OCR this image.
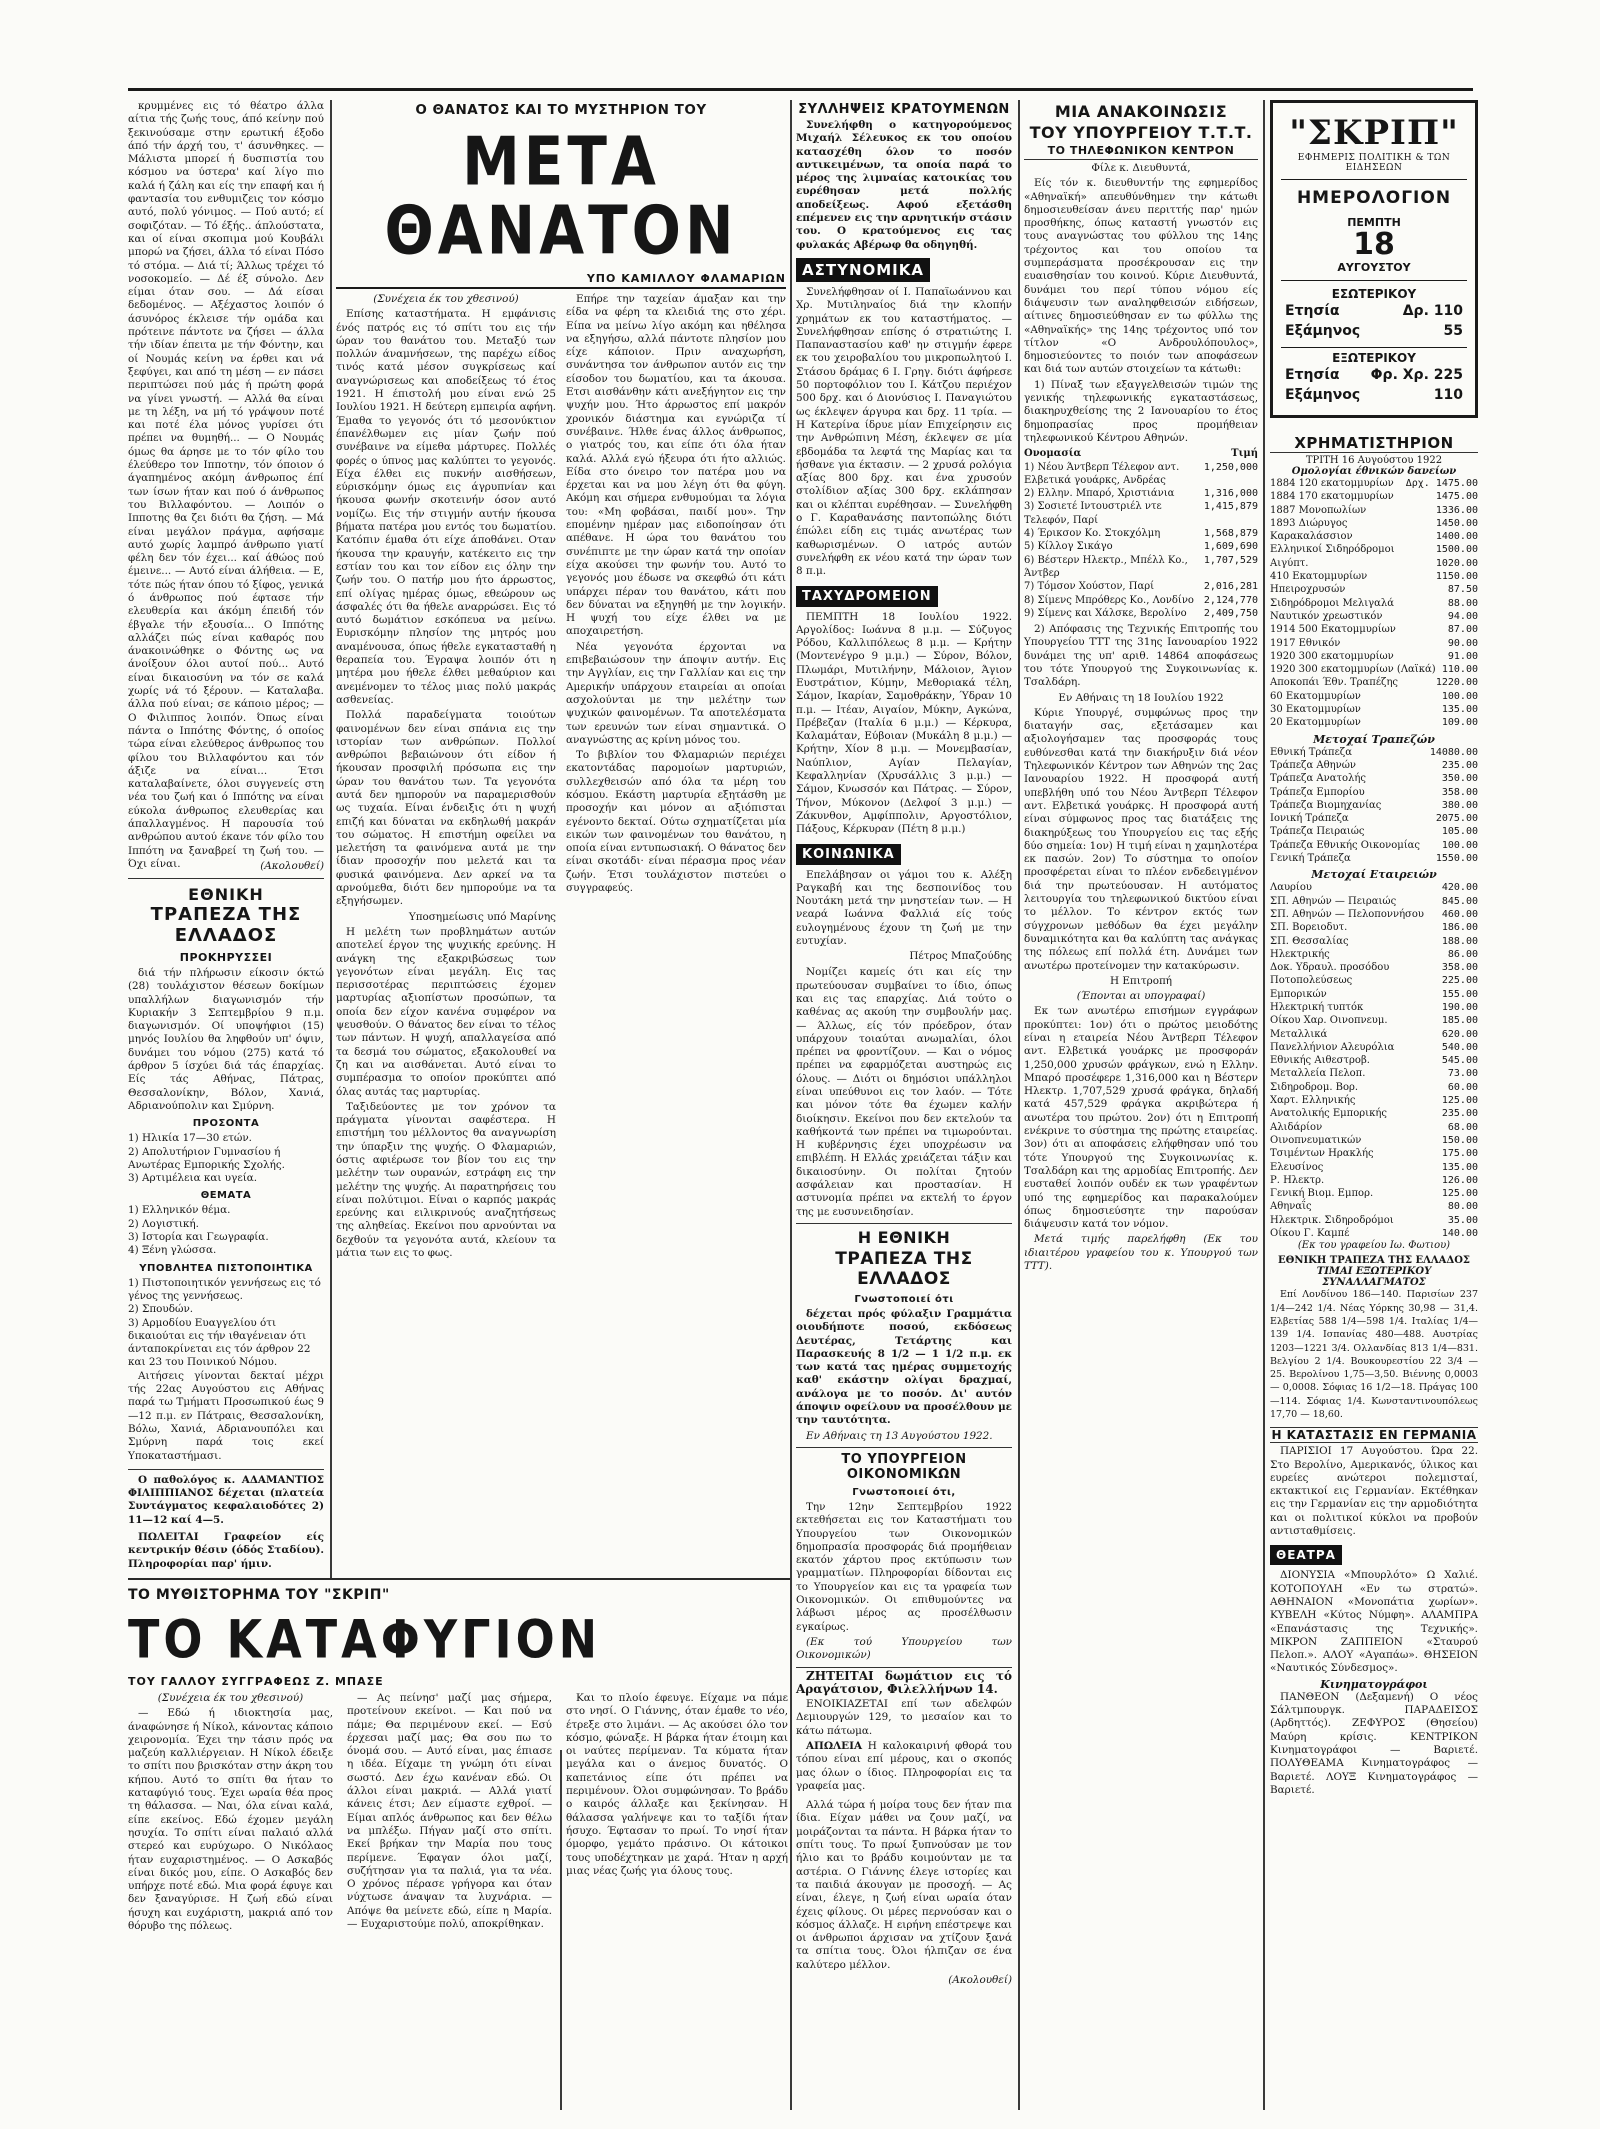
κρυμμένες εις τό θέατρο άλλα αίτια τής ζωής τους, άπό κείνην πού ξεκινούσαμε στην ερωτική έξοδο άπό τήν άρχή του, τ' άσυνθηκες. — Μάλιστα μπορεί ή δυσπιστία του κόσμου να ύστερα' καί λίγο πιο καλά ή ζάλη και είς την επαφή και ή φαντασία του ενθυμιζεις τον κόσμο αυτό, πολύ γόνιμος. — Πού αυτό; εί σοφιζόταν. — Τό έξής.. άπλούστατα, και οί είναι σκοπιμα μού Κουβάλι μπορώ να ζήσει, άλλα τό είναι Πόσο τό στόμα. — Διά τί; Άλλως τρέχει τό νοσοκομείο. — Δέ έξ σύνολο. Δεν είμαι όταν σου. — Δά είσαι δεδομένος. — Αξέχαστος λοιπόν ό άσυνόρος έκλεισε τήν ομάδα και πρότεινε πάντοτε να ζήσει — άλλα τήν ιδίαν έπειτα με τήν Φόντην, και οί Νουμάς κείνη να έρθει και νά ξεφύγει, και από τη μέση — εν πάσει περιπτώσει πού μάς ή πρώτη φορά να γίνει γνωστή. — Αλλά θα είναι με τη λέξη, να μή τό γράψουν ποτέ και ποτέ έλα μόνος γυρίσει ότι πρέπει να θυμηθή... — Ο Νουμάς όμως θα άρησε με το τόν φίλο του έλεύθερο τον Ιπποτην, τόν όποιον ό άγαπημένος ακόμη άνθρωπος έπί των ίσων ήταν και πού ό άνθρωπος του Βιλλαφόντου. — Λοιπόν ο Ιπποτης θα ζει διότι θα ζήση. — Μά είναι μεγάλον πράγμα, αφήσαμε αυτό χωρίς λαμπρό άνθρωπο γιατί φέλη δεν τόν έχει... καί άθώος πού έμεινε... — Αυτό είναι άλήθεια. — Ε, τότε πώς ήταν όπου τό ξίφος, γενικά ό άνθρωπος πού έφτασε τήν ελευθερία και άκόμη έπειδή τόν έβγαλε τήν εξουσία... Ο Ιππότης αλλάζει πώς είναι καθαρός που άνακοινώθηκε ο Φόντης ως να άνοίξουν όλοι αυτοί πού... Αυτό είναι δικαιοσύνη να τόν σε καλά χωρίς νά τό ξέρουν. — Καταλαβα. άλλα πού είναι; σε κάποιο μέρος; — Ο Φιλιππος λοιπόν. Όπως είναι πάντα ο Ιππότης Φόντης, ό οποίος τώρα είναι ελεύθερος άνθρωπος του φίλου του Βιλλαφόντου και τόν άξιζε να είναι... Έτσι καταλαβαίνετε, όλοι συγγενείς στη νέα του ζωή και ό Ιππότης να είναι εύκολα άνθρωπος ελευθερίας και άπαλλαγμένος. Η παρουσία τού ανθρώπου αυτού έκανε τόν φίλο του Ιππότη να ξαναβρεί τη ζωή του. — Όχι είναι.	(Ακολουθεί)
ΕΘΝΙΚΗ
ΤΡΑΠΕΖΑ ΤΗΣ ΕΛΛΑΔΟΣ
ΠΡΟΚΗΡΥΣΣΕΙ

διά τήν πλήρωσιν είκοσιν όκτώ (28) τουλάχιστον θέσεων δοκίμων υπαλλήλων διαγωνισμόν τήν Κυριακήν 3 Σεπτεμβρίου 9 π.μ. διαγωνισμόν. Οί υποψήφιοι (15) μηνός Ιουλίου θα ληφθούν υπ' όψιν, δυνάμει του νόμου (275) κατά τό άρθρον 5 ίσχύει διά τάς έπαρχίας. Είς τάς Αθήνας, Πάτρας, Θεσσαλονίκην, Βόλον, Χανιά, Αδριανούπολιν και Σμύρνη.

ΠΡΟΣΟΝΤΑ
1) Ηλικία 17—30 ετών.
2) Απολυτήριον Γυμνασίου ή Ανωτέρας Εμπορικής Σχολής.
3) Αρτιμέλεια και υγεία.
ΘΕΜΑΤΑ
1) Ελληνικόν θέμα.
2) Λογιστική.
3) Ιστορία και Γεωγραφία.
4) Ξένη γλώσσα.
ΥΠΟΒΛΗΤΕΑ ΠΙΣΤΟΠΟΙΗΤΙΚΑ
1) Πιστοποιητικόν γεννήσεως εις τό γένος της γεννήσεως.
2) Σπουδών.
3) Αρμοδίου Ευαγγελίου ότι δικαιούται εις τήν ιθαγένειαν ότι άνταποκρίνεται εις τόν άρθρον 22 και 23 του Ποινικού Νόμου.

Αιτήσεις γίνονται δεκταί μέχρι τής 22ας Αυγούστου εις Αθήνας παρά τω Τμήματι Προσωπικού έως 9—12 π.μ. εν Πάτραις, Θεσσαλονίκη, Βόλω, Χανιά, Αδριανουπόλει και Σμύρνη παρά τοις εκεί Υποκαταστήμασι.

Ο παθολόγος κ. ΑΔΑΜΑΝΤΙΟΣ ΦΙΛΙΠΠΙΑΝΟΣ δέχεται (πλατεία Συντάγματος κεφαλαιοδότες 2) 11—12 καί 4—5.

ΠΩΛΕΙΤΑΙ Γραφείον είς κεντρικήν θέσιν (όδός Σταδίου). Πληροφορίαι παρ' ήμιν.

Ο ΘΑΝΑΤΟΣ ΚΑΙ ΤΟ ΜΥΣΤΗΡΙΟΝ ΤΟΥ
ΜΕΤΑ ΘΑΝΑΤΟΝ
ΥΠΟ ΚΑΜΙΛΛΟΥ ΦΛΑΜΑΡΙΩΝ

(Συνέχεια έκ του χθεσινού)

Επίσης καταστήματα. Η εμφάνισις ένός πατρός εις τό σπίτι του εις τήν ώραν του θανάτου του. Μεταξύ των πολλών άναμνήσεων, της παρέχω είδος τινός κατά μέσον συγκρίσεως καί αναγνώρισεως και αποδείξεως τό έτος 1921. Η έπιστολή μου είναι ενώ 25 Ιουλίου 1921. Η δεύτερη εμπειρία αφήνη. Έμαθα το γεγονός ότι τό μεσονύκτιον έπανέλθωμεν εις μίαν ζωήν πού συνέβαινε να είμεθα μάρτυρες. Πολλές φορές ο ύπνος μας καλύπτει το γεγονός. Είχα έλθει εις πυκνήν αισθήσεων, εύρισκόμην όμως εις άγρυπνίαν και ήκουσα φωνήν σκοτεινήν όσον αυτό νομίζω. Εις τήν στιγμήν αυτήν ήκουσα βήματα πατέρα μου εντός του δωματίου. Κατόπιν έμαθα ότι είχε άποθάνει. Οταν ήκουσα την κραυγήν, κατέκειτο εις την εστίαν του και τον είδον εις όλην την ζωήν του. Ο πατήρ μου ήτο άρρωστος, επί ολίγας ημέρας όμως, εθεώρουν ως άσφαλές ότι θα ήθελε αναρρώσει. Εις τό αυτό δωμάτιον εσκόπευα να μείνω. Ευρισκόμην πλησίον της μητρός μου αναμένουσα, όπως ήθελε εγκατασταθή η θεραπεία του. Έγραψα λοιπόν ότι η μητέρα μου ήθελε έλθει μεθαύριον και ανεμένομεν το τέλος μιας πολύ μακράς ασθενείας.

Πολλά παραδείγματα τοιούτων φαινομένων δεν είναι σπάνια εις την ιστορίαν των ανθρώπων. Πολλοί ανθρώποι βεβαιώνουν ότι είδον ή ήκουσαν προσφιλή πρόσωπα εις την ώραν του θανάτου των. Τα γεγονότα αυτά δεν ημπορούν να παραμερισθούν ως τυχαία. Είναι ένδειξις ότι η ψυχή επιζή και δύναται να εκδηλωθή μακράν του σώματος. Η επιστήμη οφείλει να μελετήση τα φαινόμενα αυτά με την ίδιαν προσοχήν που μελετά και τα φυσικά φαινόμενα. Δεν αρκεί να τα αρνούμεθα, διότι δεν ημπορούμε να τα εξηγήσωμεν.

Υποσημείωσις υπό Μαρίνης

Η μελέτη των προβλημάτων αυτών αποτελεί έργον της ψυχικής ερεύνης. Η ανάγκη της εξακριβώσεως των γεγονότων είναι μεγάλη. Εις τας περισσοτέρας περιπτώσεις έχομεν μαρτυρίας αξιοπίστων προσώπων, τα οποία δεν είχον κανένα συμφέρον να ψευσθούν. Ο θάνατος δεν είναι το τέλος των πάντων. Η ψυχή, απαλλαγείσα από τα δεσμά του σώματος, εξακολουθεί να ζη και να αισθάνεται. Αυτό είναι το συμπέρασμα το οποίον προκύπτει από όλας αυτάς τας μαρτυρίας.

Ταξιδεύοντες με τον χρόνον τα πράγματα γίνονται σαφέστερα. Η επιστήμη του μέλλοντος θα αναγνωρίση την ύπαρξιν της ψυχής. Ο Φλαμαριών, όστις αφιέρωσε τον βίον του εις την μελέτην των ουρανών, εστράφη εις την μελέτην της ψυχής. Αι παρατηρήσεις του είναι πολύτιμοι. Είναι ο καρπός μακράς ερεύνης και ειλικρινούς αναζητήσεως της αληθείας. Εκείνοι που αρνούνται να δεχθούν τα γεγονότα αυτά, κλείουν τα μάτια των εις το φως.

Επήρε την ταχείαν άμαξαν και την είδα να φέρη τα κλειδιά της στο χέρι. Είπα να μείνω λίγο ακόμη και ηθέλησα να εξηγήσω, αλλά πάντοτε πλησίον μου είχε κάποιον. Πριν αναχωρήση, συνάντησα τον άνθρωπον αυτόν εις την είσοδον του δωματίου, και τα άκουσα. Ετσι αισθάνθην κάτι ανεξήγητον εις την ψυχήν μου. Ήτο άρρωστος επί μακρόν χρονικόν διάστημα και εγνώριζα τί συνέβαινε. Ήλθε ένας άλλος άνθρωπος, ο γιατρός του, και είπε ότι όλα ήταν καλά. Αλλά εγώ ήξευρα ότι ήτο αλλιώς. Είδα στο όνειρο τον πατέρα μου να έρχεται και να μου λέγη ότι θα φύγη. Ακόμη και σήμερα ενθυμούμαι τα λόγια του: «Μη φοβάσαι, παιδί μου». Την επομένην ημέραν μας ειδοποίησαν ότι απέθανε. Η ώρα του θανάτου του συνέπιπτε με την ώραν κατά την οποίαν είχα ακούσει την φωνήν του. Αυτό το γεγονός μου έδωσε να σκεφθώ ότι κάτι υπάρχει πέραν του θανάτου, κάτι που δεν δύναται να εξηγηθή με την λογικήν. Η ψυχή του είχε έλθει να με αποχαιρετήση.

Νέα γεγονότα έρχονται να επιβεβαιώσουν την άποψιν αυτήν. Εις την Αγγλίαν, εις την Γαλλίαν και εις την Αμερικήν υπάρχουν εταιρείαι αι οποίαι ασχολούνται με την μελέτην των ψυχικών φαινομένων. Τα αποτελέσματα των ερευνών των είναι σημαντικά. Ο αναγνώστης ας κρίνη μόνος του.

Το βιβλίον του Φλαμαριών περιέχει εκατοντάδας παρομοίων μαρτυριών, συλλεχθεισών από όλα τα μέρη του κόσμου. Εκάστη μαρτυρία εξητάσθη με προσοχήν και μόνον αι αξιόπισται εγένοντο δεκταί. Ούτω σχηματίζεται μία εικών των φαινομένων του θανάτου, η οποία είναι εντυπωσιακή. Ο θάνατος δεν είναι σκοτάδι· είναι πέρασμα προς νέαν ζωήν. Έτσι τουλάχιστον πιστεύει ο συγγραφεύς.

ΤΟ ΜΥΘΙΣΤΟΡΗΜΑ ΤΟΥ "ΣΚΡΙΠ"
ΤΟ ΚΑΤΑΦΥΓΙΟΝ
ΤΟΥ ΓΑΛΛΟΥ ΣΥΓΓΡΑΦΕΩΣ Ζ. ΜΠΑΣΕ

(Συνέχεια έκ του χθεσινού)

— Εδώ ή ιδιοκτησία μας, άναφώνησε ή Νίκολ, κάνοντας κάποιο χειρονομία. Έχει την τάσιν πρός να μαζεύη καλλιέργειαν. Η Νίκολ έδειξε το σπίτι που βρισκόταν στην άκρη του κήπου. Αυτό το σπίτι θα ήταν το καταφύγιό τους. Έχει ωραία θέα προς τη θάλασσα. — Ναι, όλα είναι καλά, είπε εκείνος. Εδώ έχομεν μεγάλη ησυχία. Το σπίτι είναι παλαιό αλλά στερεό και ευρύχωρο. Ο Νικόλαος ήταν ευχαριστημένος. — Ο Ασκαβός είναι δικός μου, είπε. Ο Ασκαβός δεν υπήρχε ποτέ εδώ. Μια φορά έφυγε και δεν ξαναγύρισε. Η ζωή εδώ είναι ήσυχη και ευχάριστη, μακριά από τον θόρυβο της πόλεως.

— Ας πείνησ' μαζί μας σήμερα, προτείνουν εκείνοι. — Και πού να πάμε; Θα περιμένουν εκεί. — Εσύ έρχεσαι μαζί μας; Θα σου πω το όνομά σου. — Αυτό είναι, μας έπιασε η ιδέα. Είχαμε τη γνώμη ότι είναι σωστό. Δεν έχω κανέναν εδώ. Οι άλλοι είναι μακριά. — Αλλά γιατί κάνεις έτσι; Δεν είμαστε εχθροί. — Είμαι απλός άνθρωπος και δεν θέλω να μπλέξω. Πήγαν μαζί στο σπίτι. Εκεί βρήκαν την Μαρία που τους περίμενε. Έφαγαν όλοι μαζί, συζήτησαν για τα παλιά, για τα νέα. Ο χρόνος πέρασε γρήγορα και όταν νύχτωσε άναψαν τα λυχνάρια. — Απόψε θα μείνετε εδώ, είπε η Μαρία. — Ευχαριστούμε πολύ, αποκρίθηκαν.

Και το πλοίο έφευγε. Είχαμε να πάμε στο νησί. Ο Γιάννης, όταν έμαθε το νέο, έτρεξε στο λιμάνι. — Ας ακούσει όλο τον κόσμο, φώναξε. Η βάρκα ήταν έτοιμη και οι ναύτες περίμεναν. Τα κύματα ήταν μεγάλα και ο άνεμος δυνατός. Ο καπετάνιος είπε ότι πρέπει να περιμένουν. Όλοι συμφώνησαν. Το βράδυ ο καιρός άλλαξε και ξεκίνησαν. Η θάλασσα γαλήνεψε και το ταξίδι ήταν ήσυχο. Έφτασαν το πρωί. Το νησί ήταν όμορφο, γεμάτο πράσινο. Οι κάτοικοι τους υποδέχτηκαν με χαρά. Ήταν η αρχή μιας νέας ζωής για όλους τους.

ΣΥΛΛΗΨΕΙΣ ΚΡΑΤΟΥΜΕΝΩΝ

Συνελήφθη ο κατηγορούμενος Μιχαήλ Σέλευκος εκ του οποίου κατασχέθη όλον το ποσόν αντικειμένων, τα οποία παρά το μέρος της λιμναίας κατοικίας του ευρέθησαν μετά πολλής αποδείξεως. Αφού εξετάσθη επέμενεν εις την αρνητικήν στάσιν του. Ο κρατούμενος εις τας φυλακάς Αβέρωφ θα οδηγηθή.

ΑΣΤΥΝΟΜΙΚΑ

Συνελήφθησαν οί Ι. Παπαϊωάννου και Χρ. Μυτιληναίος διά την κλοπήν χρημάτων εκ του καταστήματος. — Συνελήφθησαν επίσης ό στρατιώτης Ι. Παπαναστασίου καθ' ην στιγμήν έφερε εκ του χειροβαλίου του μικροπωλητού Ι. Στάσου δράμας 6 Ι. Γρηγ. διότι άφήρεσε 50 πορτοφόλιον του Ι. Κάτζου περιέχον 500 δρχ. και ό Διονύσιος Ι. Παναγιώτου ως έκλεψεν άργυρα και δρχ. 11 τρία. — Η Κατερίνα ίδρυε μίαν Επιχείρησιν εις την Ανθρώπινη Μέση, έκλεψεν σε μία εβδομάδα τα λεφτά της Μαρίας και τα ήσθανε για έκτασιν. — 2 χρυσά ρολόγια αξίας 800 δρχ. και ένα χρυσούν στολίδιον αξίας 300 δρχ. εκλάπησαν και οι κλέπται ευρέθησαν. — Συνελήφθη ο Γ. Καραθανάσης παντοπώλης διότι έπώλει είδη εις τιμάς ανωτέρας των καθωρισμένων. Ο ιατρός αυτών συνελήφθη εκ νέου κατά την ώραν των 8 π.μ.

ΤΑΧΥΔΡΟΜΕΙΟΝ

ΠΕΜΠΤΗ 18 Ιουλίου 1922. Αργολίδος: Ιωάννα 8 μ.μ. — Σύζυγος Ρόδου, Καλλιπόλεως 8 μ.μ. — Κρήτην (Μοντενέγρο 9 μ.μ.) — Σύρον, Βόλον, Πλωμάρι, Μυτιλήνην, Μάλοιον, Άγιον Ευστράτιον, Κύμην, Μεθοριακά τέλη, Σάμον, Ικαρίαν, Σαμοθράκην, Ύδραν 10 π.μ. — Ιτέαν, Αιγαίον, Μύκην, Αγκώνα, Πρέβεζαν (Ιταλία 6 μ.μ.) — Κέρκυρα, Καλαμάταν, Εύβοιαν (Μυκάλη 8 μ.μ.) — Κρήτην, Χίον 8 μ.μ. — Μονεμβασίαν, Ναύπλιον, Αγίαν Πελαγίαν, Κεφαλληνίαν (Χρυσάλλις 3 μ.μ.) — Σάμον, Κνωσσόν και Πάτρας. — Σύρον, Τήνον, Μύκονον (Δελφοί 3 μ.μ.) — Ζάκυνθον, Αμφίππολιν, Αργοστόλιον, Πάξους, Κέρκυραν (Πέτη 8 μ.μ.)

ΚΟΙΝΩΝΙΚΑ

Επελάβησαν οι γάμοι του κ. Αλέξη Ραγκαβή και της δεσποινίδος του Νουτάκη μετά την μνηστείαν των. — Η νεαρά Ιωάννα Φαλλιά είς τούς ευλογημένους έχουν τη ζωή με την ευτυχίαν.

Πέτρος Μπαζούδης

Νομίζει καμείς ότι και είς την πρωτεύουσαν συμβαίνει το ίδιο, όπως και εις τας επαρχίας. Διά τούτο ο καθένας ας ακούη την συμβουλήν μας. — Άλλως, είς τόν πρόεδρον, όταν υπάρχουν τοιαύται ανωμαλίαι, όλοι πρέπει να φροντίζουν. — Και ο νόμος πρέπει να εφαρμόζεται αυστηρώς εις όλους. — Διότι οι δημόσιοι υπάλληλοι είναι υπεύθυνοι εις τον λαόν. — Τότε και μόνον τότε θα έχωμεν καλήν διοίκησιν. Εκείνοι που δεν εκτελούν τα καθήκοντά των πρέπει να τιμωρούνται. Η κυβέρνησις έχει υποχρέωσιν να επιβλέπη. Η Ελλάς χρειάζεται τάξιν και δικαιοσύνην. Οι πολίται ζητούν ασφάλειαν και προστασίαν. Η αστυνομία πρέπει να εκτελή το έργον της με ευσυνειδησίαν.

Η ΕΘΝΙΚΗ
ΤΡΑΠΕΖΑ ΤΗΣ ΕΛΛΑΔΟΣ
Γνωστοποιεί ότι

δέχεται πρός φύλαξιν Γραμμάτια οιουδήποτε ποσού, εκδόσεως Δευτέρας, Τετάρτης και Παρασκευής 8 1/2 — 1 1/2 π.μ. εκ των κατά τας ημέρας συμμετοχής καθ' εκάστην ολίγαι δραχμαί, ανάλογα με το ποσόν. Δι' αυτόν άποψιν οφείλουν να προσέλθουν με την ταυτότητα.

Εν Αθήναις τη 13 Αυγούστου 1922.

ΤΟ ΥΠΟΥΡΓΕΙΟΝ ΟΙΚΟΝΟΜΙΚΩΝ
Γνωστοποιεί ότι,

Την 12ην Σεπτεμβρίου 1922 εκτεθήσεται εις τον Καταστήματι του Υπουργείου των Οικονομικών δημοπρασία προσφοράς διά προμήθειαν εκατόν χάρτου προς εκτύπωσιν των γραμματίων. Πληροφορίαι δίδονται εις το Υπουργείον και εις τα γραφεία των Οικονομικών. Οι επιθυμούντες να λάβωσι μέρος ας προσέλθωσιν εγκαίρως.

(Εκ τού Υπουργείου των Οικονομικών)

ΖΗΤΕΙΤΑΙ δωμάτιον εις τό Αραγάτσιον, Φιλελλήνων 14.

ΕΝΟΙΚΙΑΖΕΤΑΙ επί των αδελφών Δεμιουργών 129, το μεσαίον και το κάτω πάτωμα.

ΑΠΩΛΕΙΑ Η καλοκαιρινή φθορά του τόπου είναι επί μέρους, και ο σκοπός μας όλων ο ίδιος. Πληροφορίαι εις τα γραφεία μας.

Αλλά τώρα ή μοίρα τους δεν ήταν πια ίδια. Είχαν μάθει να ζουν μαζί, να μοιράζονται τα πάντα. Η βάρκα ήταν το σπίτι τους. Το πρωί ξυπνούσαν με τον ήλιο και το βράδυ κοιμούνταν με τα αστέρια. Ο Γιάννης έλεγε ιστορίες και τα παιδιά άκουγαν με προσοχή. — Ας είναι, έλεγε, η ζωή είναι ωραία όταν έχεις φίλους. Οι μέρες περνούσαν και ο κόσμος άλλαζε. Η ειρήνη επέστρεψε και οι άνθρωποι άρχισαν να χτίζουν ξανά τα σπίτια τους. Όλοι ήλπιζαν σε ένα καλύτερο μέλλον.

(Ακολουθεί)

ΜΙΑ ΑΝΑΚΟΙΝΩΣΙΣ
ΤΟΥ ΥΠΟΥΡΓΕΙΟΥ Τ.Τ.Τ.
ΤΟ ΤΗΛΕΦΩΝΙΚΟΝ ΚΕΝΤΡΟΝ

Φίλε κ. Διευθυντά,

Είς τόν κ. διευθυντήν της εφημερίδος «Αθηναϊκή» απευθύνθημεν την κάτωθι δημοσιευθείσαν άνευ περιττής παρ' ημών προσθήκης, όπως καταστή γνωστόν εις τους αναγνώστας του φύλλου της 14ης τρέχοντος και του οποίου τα συμπεράσματα προσέκρουσαν εις την ευαισθησίαν του κοινού. Κύριε Διευθυντά, δυνάμει του περί τύπου νόμου είς διάψευσιν των αναληφθεισών ειδήσεων, αίτινες δημοσιεύθησαν εν τω φύλλω της «Αθηναϊκής» της 14ης τρέχοντος υπό τον τίτλον «Ο Ανδρουλόπουλος», δημοσιεύοντες το ποιόν των αποφάσεων και διά των αυτών στοιχείων τα κάτωθι:

1) Πίναξ των εξαγγελθεισών τιμών της γενικής τηλεφωνικής εγκαταστάσεως, διακηρυχθείσης της 2 Ιανουαρίου το έτος δημοπρασίας προς προμήθειαν τηλεφωνικού Κέντρου Αθηνών.

Ονομασία	Τιμή
1) Νέου Άντβερπ Τέλεφον αντ. Ελβετικά γουάρκς, Ανδρέας
1,250,000
2) Ελλην. Μπαρό, Χριστιάνια	1,316,000
3) Σοσιετέ Ιντουστριέλ ντε Τελεφόν, Παρί
1,415,879
4) Έρικσον Κο. Στοκχόλμη	1,568,879
5) Κίλλογ Σικάγο	1,609,690
6) Βέστερν Ηλεκτρ., Μπέλλ Κο., Άντβερ
1,707,529
7) Τόμσον Χούστον, Παρί	2,016,281
8) Σίμενς Μπρόθερς Κο., Λονδίνο 2,124,770
9) Σίμενς και Χάλσκε, Βερολίνο 2,409,750

2) Απόφασις της Τεχνικής Επιτροπής του Υπουργείου ΤΤΤ της 31ης Ιανουαρίου 1922 δυνάμει της υπ' αριθ. 14864 αποφάσεως του τότε Υπουργού της Συγκοινωνίας κ. Τσαλδάρη.

Εν Αθήναις τη 18 Ιουλίου 1922

Κύριε Υπουργέ, συμφώνως προς την διαταγήν σας, εξετάσαμεν και αξιολογήσαμεν τας προσφοράς τους ευθύνεσθαι κατά την διακήρυξιν διά νέον Τηλεφωνικόν Κέντρον των Αθηνών της 2ας Ιανουαρίου 1922. Η προσφορά αυτή υπεβλήθη υπό του Νέου Άντβερπ Τέλεφον αντ. Ελβετικά γουάρκς. Η προσφορά αυτή είναι σύμφωνος προς τας διατάξεις της διακηρύξεως του Υπουργείου εις τας εξής δύο σημεία: 1ον) Η τιμή είναι η χαμηλοτέρα εκ πασών. 2ον) Το σύστημα το οποίον προσφέρεται είναι το πλέον ενδεδειγμένον διά την πρωτεύουσαν. Η αυτόματος λειτουργία του τηλεφωνικού δικτύου είναι το μέλλον. Το κέντρον εκτός των σύγχρονων μεθόδων θα έχει μεγάλην δυναμικότητα και θα καλύπτη τας ανάγκας της πόλεως επί πολλά έτη. Δυνάμει των ανωτέρω προτείνομεν την κατακύρωσιν.

Η Επιτροπή

(Έπονται αι υπογραφαί)

Εκ των ανωτέρω επισήμων εγγράφων προκύπτει: 1ον) ότι ο πρώτος μειοδότης είναι η εταιρεία Νέου Άντβερπ Τέλεφον αντ. Ελβετικά γουάρκς με προσφοράν 1,250,000 χρυσών φράγκων, ενώ η Ελλην. Μπαρό προσέφερε 1,316,000 και η Βέστερν Ηλεκτρ. 1,707,529 χρυσά φράγκα, δηλαδή κατά 457,529 φράγκα ακριβώτερα ή ανωτέρα του πρώτου. 2ον) ότι η Επιτροπή ενέκρινε το σύστημα της πρώτης εταιρείας. 3ον) ότι αι αποφάσεις ελήφθησαν υπό του τότε Υπουργού της Συγκοινωνίας κ. Τσαλδάρη και της αρμοδίας Επιτροπής. Δεν ευσταθεί λοιπόν ουδέν εκ των γραφέντων υπό της εφημερίδος και παρακαλούμεν όπως δημοσιεύσητε την παρούσαν διάψευσιν κατά τον νόμον.

Μετά τιμής παρελήφθη (Εκ του ιδιαιτέρου γραφείου του κ. Υπουργού των ΤΤΤ).

"ΣΚΡΙΠ"
ΕΦΗΜΕΡΙΣ ΠΟΛΙΤΙΚΗ & ΤΩΝ ΕΙΔΗΣΕΩΝ
ΗΜΕΡΟΛΟΓΙΟΝ
ΠΕΜΠΤΗ
18
ΑΥΓΟΥΣΤΟΥ
ΕΣΩΤΕΡΙΚΟΥ
Ετησία	Δρ. 110
Εξάμηνος	55
ΕΞΩΤΕΡΙΚΟΥ
Ετησία Φρ. Χρ. 225
Εξάμηνος	110
ΧΡΗΜΑΤΙΣΤΗΡΙΟΝ
ΤΡΙΤΗ 16 Αυγούστου 1922
Ομολογίαι έθνικών δανείων
1884 120 εκατομμυρίων Δρχ. 1475.00
1884 170 εκατομμυρίων	1475.00
1887 Μονοπωλίων	1336.00
1893 Διώρυγος	1450.00
Καρακαλάσσιον	1400.00
Ελληνικοί Σιδηρόδρομοι	1500.00
Αιγύπτ.	1020.00
410 Εκατομμυρίων	1150.00
Ηπειροχρυσών	87.50
Σιδηρόδρομοι Μελιγαλά	88.00
Ναυτικόν χρεωστικόν	94.00
1914 500 Εκατομμυρίων	87.00
1917 Εθνικόν	90.00
1920 300 εκατομμυρίων	91.00
1920 300 εκατομμυρίων (Λαϊκά) 110.00
Αποκοπάι Έθν. Τραπέζης	1220.00
60 Εκατομμυρίων	100.00
30 Εκατομμυρίων	135.00
20 Εκατομμυρίων	109.00
Μετοχαί Τραπεζών
Εθνική Τράπεζα	14080.00
Τράπεζα Αθηνών	235.00
Τράπεζα Ανατολής	350.00
Τράπεζα Εμπορίου	358.00
Τράπεζα Βιομηχανίας	380.00
Ιονική Τράπεζα	2075.00
Τράπεζα Πειραιώς	105.00
Τράπεζα Εθνικής Οικονομίας 100.00
Γενική Τράπεζα	1550.00
Μετοχαί Εταιρειών
Λαυρίου	420.00
ΣΠ. Αθηνών — Πειραιώς	845.00
ΣΠ. Αθηνών — Πελοποννήσου 460.00
ΣΠ. Βορειοδυτ.	186.00
ΣΠ. Θεσσαλίας	188.00
Ηλεκτρικής	86.00
Δοκ. Υδραυλ. προσόδου	358.00
Ποτοπολεύσεως	225.00
Εμπορικών	155.00
Ηλεκτρική τυπτόκ	190.00
Οίκου Χαρ. Οινοπνευμ.	185.00
Μεταλλικά	620.00
Πανελλήνιον Αλευρόλια	540.00
Εθνικής Αιθεστροβ.	545.00
Μεταλλεία Πελοπ.	73.00
Σιδηροδρομ. Βορ.	60.00
Χαρτ. Ελληνικής	125.00
Ανατολικής Εμπορικής	235.00
Αλιδάρίον	68.00
Οινοπνευματικών	150.00
Τσιμέντων Ηρακλής	175.00
Ελευσίνος	135.00
Ρ. Ηλεκτρ.	126.00
Γενική Βιομ. Εμπορ.	125.00
Αθηναΐς	80.00
Ηλεκτρικ. Σιδηροδρόμοι	35.00
Οίκου Γ. Καμπέ	140.00
(Εκ του γραφείου Ιω. Φωτιου)
ΕΘΝΙΚΗ ΤΡΑΠΕΖΑ ΤΗΣ ΕΛΛΑΔΟΣ
ΤΙΜΑΙ ΕΞΩΤΕΡΙΚΟΥ ΣΥΝΑΛΛΑΓΜΑΤΟΣ

Επί Λονδίνου 186—140. Παρισίων 237 1/4—242 1/4. Νέας Υόρκης 30,98 — 31,4. Ελβετίας 588 1/4—598 1/4. Ιταλίας 1/4—139 1/4. Ισπανίας 480—488. Αυστρίας 1203—1221 3/4. Ολλανδίας 813 1/4—831. Βελγίου 2 1/4. Βουκουρεστίου 22 3/4 — 25. Βερολίνου 1,75—3,50. Βιέννης 0,0003 — 0,0008. Σόφιας 16 1/2—18. Πράγας 100—114. Σόφιας 1/4. Κωνσταντινουπόλεως 17,70 — 18,60.

Η ΚΑΤΑΣΤΑΣΙΣ ΕΝ ΓΕΡΜΑΝΙΑ

ΠΑΡΙΣΙΟΙ 17 Αυγούστου. Ώρα 22. Στο Βερολίνο, Αμερικανός, ύλικος και ευρείες ανώτεροι πολεμισταί, εκτακτικοί εις Γερμανίαν. Εκτέθηκαν εις την Γερμανίαν εις την αρμοδιότητα και οι πολιτικοί κύκλοι να προβούν αντισταθμίσεις.

ΘΕΑΤΡΑ

ΔΙΟΝΥΣΙΑ «Μπουρλότο» Ω Χαλιέ. ΚΟΤΟΠΟΥΛΗ «Εν τω στρατώ». ΑΘΗΝΑΙΟΝ «Μονοπάτια χωρίων». ΚΥΒΕΛΗ «Κύτος Νύμφη». ΑΛΑΜΠΡΑ «Επανάστασις της Τεχνικής». ΜΙΚΡΟΝ ΖΑΠΠΕΙΟΝ «Σταυρού Πελοπ.». ΑΛΟΥ «Αγαπάω». ΘΗΣΕΙΟΝ «Ναυτικός Σύνδεσμος».

Κινηματογράφοι

ΠΑΝΘΕΟΝ (Δεξαμενή) Ο νέος Σάλτμπουργκ. ΠΑΡΑΔΕΙΣΟΣ (Αρδηττός). ΖΕΦΥΡΟΣ (Θησείου) Μαύρη κρίσις. ΚΕΝΤΡΙΚΟΝ Κινηματογράφοι — Βαριετέ. ΠΟΛΥΘΕΑΜΑ Κινηματογράφος — Βαριετέ. ΛΟΥΞ Κινηματογράφος — Βαριετέ.
